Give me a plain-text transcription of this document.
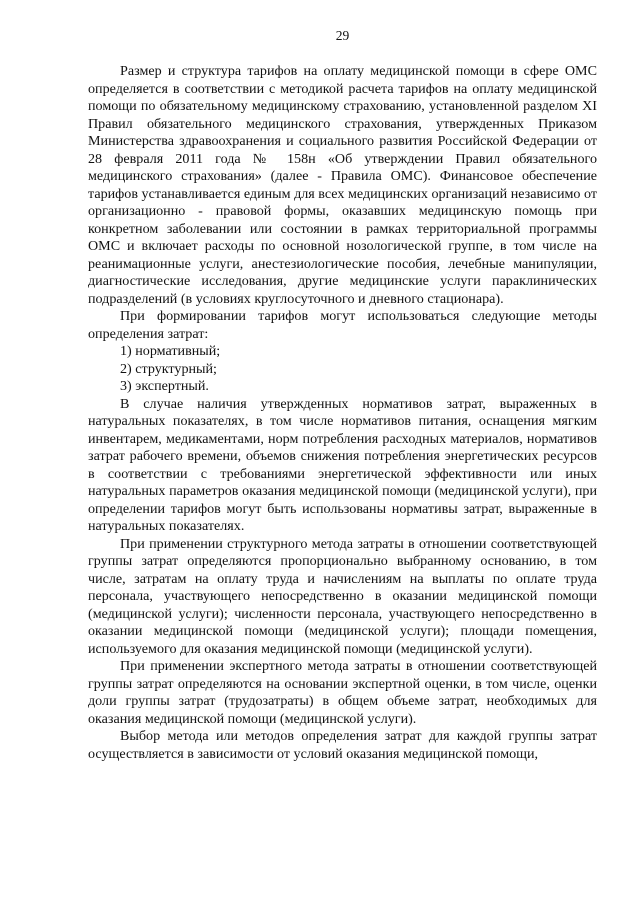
29

Размер и структура тарифов на оплату медицинской помощи в сфере ОМС определяется в соответствии с методикой расчета тарифов на оплату медицинской помощи по обязательному медицинскому страхованию, установленной разделом XI Правил обязательного медицинского страхования, утвержденных Приказом Министерства здравоохранения и социального развития Российской Федерации от 28 февраля 2011 года № 158н «Об утверждении Правил обязательного медицинского страхования» (далее - Правила ОМС). Финансовое обеспечение тарифов устанавливается единым для всех медицинских организаций независимо от организационно - правовой формы, оказавших медицинскую помощь при конкретном заболевании или состоянии в рамках территориальной программы ОМС и включает расходы по основной нозологической группе, в том числе на реанимационные услуги, анестезиологические пособия, лечебные манипуляции, диагностические исследования, другие медицинские услуги параклинических подразделений (в условиях круглосуточного и дневного стационара).

При формировании тарифов могут использоваться следующие методы определения затрат:

1) нормативный;

2) структурный;

3) экспертный.

В случае наличия утвержденных нормативов затрат, выраженных в натуральных показателях, в том числе нормативов питания, оснащения мягким инвентарем, медикаментами, норм потребления расходных материалов, нормативов затрат рабочего времени, объемов снижения потребления энергетических ресурсов в соответствии с требованиями энергетической эффективности или иных натуральных параметров оказания медицинской помощи (медицинской услуги), при определении тарифов могут быть использованы нормативы затрат, выраженные в натуральных показателях.

При применении структурного метода затраты в отношении соответствующей группы затрат определяются пропорционально выбранному основанию, в том числе, затратам на оплату труда и начислениям на выплаты по оплате труда персонала, участвующего непосредственно в оказании медицинской помощи (медицинской услуги); численности персонала, участвующего непосредственно в оказании медицинской помощи (медицинской услуги); площади помещения, используемого для оказания медицинской помощи (медицинской услуги).

При применении экспертного метода затраты в отношении соответствующей группы затрат определяются на основании экспертной оценки, в том числе, оценки доли группы затрат (трудозатраты) в общем объеме затрат, необходимых для оказания медицинской помощи (медицинской услуги).

Выбор метода или методов определения затрат для каждой группы затрат осуществляется в зависимости от условий оказания медицинской помощи,
